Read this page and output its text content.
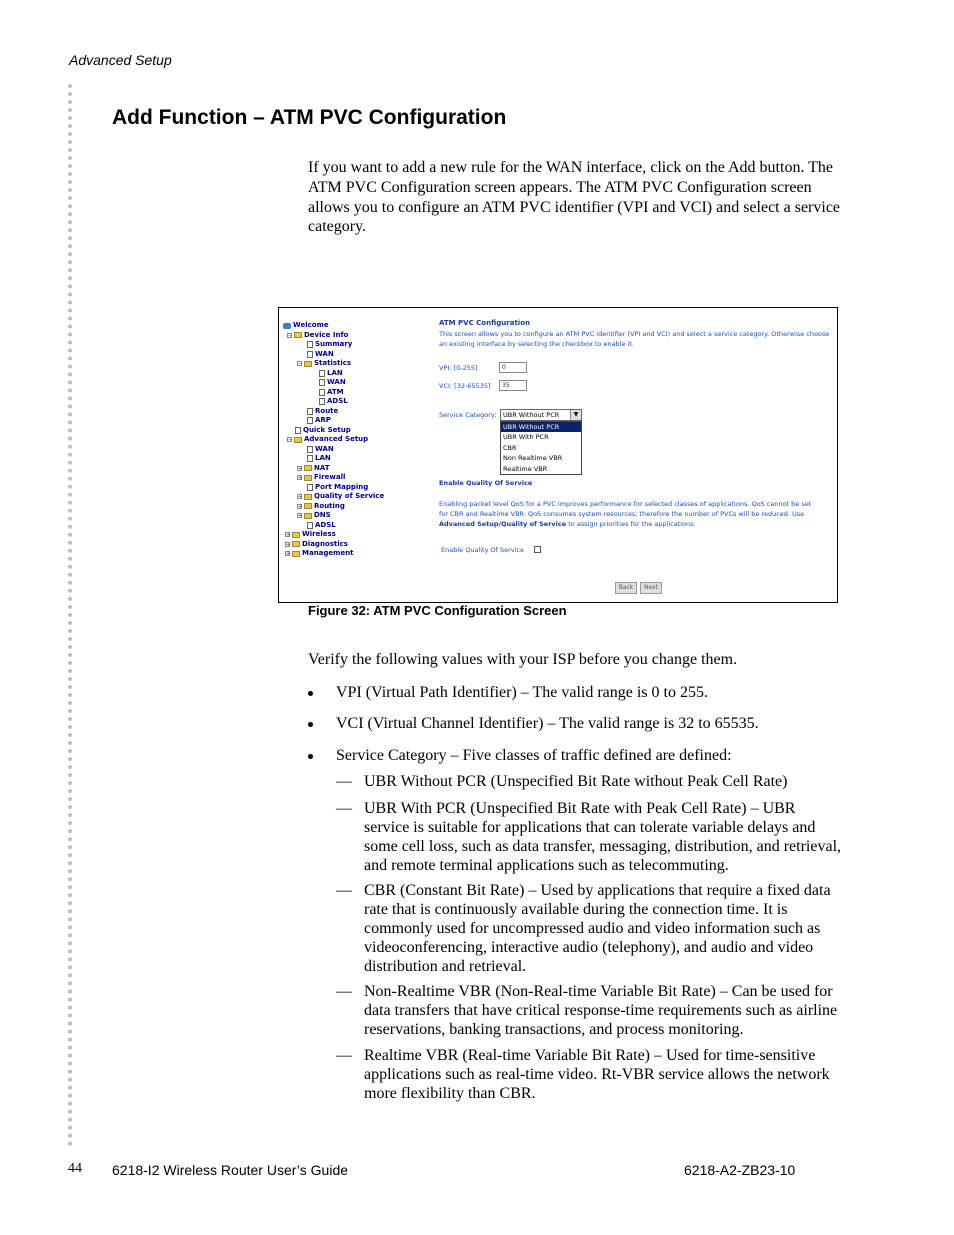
Advanced Setup
Add Function – ATM PVC Configuration

If you want to add a new rule for the WAN interface, click on the Add button. The ATM PVC Configuration screen appears. The ATM PVC Configuration screen allows you to configure an ATM PVC identifier (VPI and VCI) and select a service category.

Welcome
− Device Info
Summary
WAN
− Statistics
LAN
WAN
ATM
ADSL
Route
ARP
Quick Setup
− Advanced Setup
WAN
LAN
+ NAT
+ Firewall
Port Mapping
+ Quality of Service
+ Routing
+ DNS
ADSL
+ Wireless
+ Diagnostics
+ Management
ATM PVC Configuration
This screen allows you to configure an ATM PVC identifier (VPI and VCI) and select a service category. Otherwise choose an existing interface by selecting the checkbox to enable it.
VPI: [0-255]	0
VCI: [32-65535]	35
Service Category:	UBR Without PCR	▼
UBR Without PCR
UBR With PCR
CBR
Non Realtime VBR
Realtime VBR
Enable Quality Of Service
Enabling packet level QoS for a PVC improves performance for selected classes of applications. QoS cannot be set
for CBR and Realtime VBR. QoS consumes system resources; therefore the number of PVCs will be reduced. Use
Advanced Setup/Quality of Service to assign priorities for the applications.
Enable Quality Of Service
Back	Next
Figure 32: ATM PVC Configuration Screen
Verify the following values with your ISP before you change them.
VPI (Virtual Path Identifier) – The valid range is 0 to 255.
VCI (Virtual Channel Identifier) – The valid range is 32 to 65535.
Service Category – Five classes of traffic defined are defined:
— UBR Without PCR (Unspecified Bit Rate without Peak Cell Rate)
— UBR With PCR (Unspecified Bit Rate with Peak Cell Rate) – UBR service is suitable for applications that can tolerate variable delays and some cell loss, such as data transfer, messaging, distribution, and retrieval, and remote terminal applications such as telecommuting.
— CBR (Constant Bit Rate) – Used by applications that require a fixed data rate that is continuously available during the connection time. It is commonly used for uncompressed audio and video information such as videoconferencing, interactive audio (telephony), and audio and video distribution and retrieval.
— Non-Realtime VBR (Non-Real-time Variable Bit Rate) – Can be used for data transfers that have critical response-time requirements such as airline reservations, banking transactions, and process monitoring.
— Realtime VBR (Real-time Variable Bit Rate) – Used for time-sensitive applications such as real-time video. Rt-VBR service allows the network more flexibility than CBR.
44 6218-I2 Wireless Router User’s Guide	6218-A2-ZB23-10
